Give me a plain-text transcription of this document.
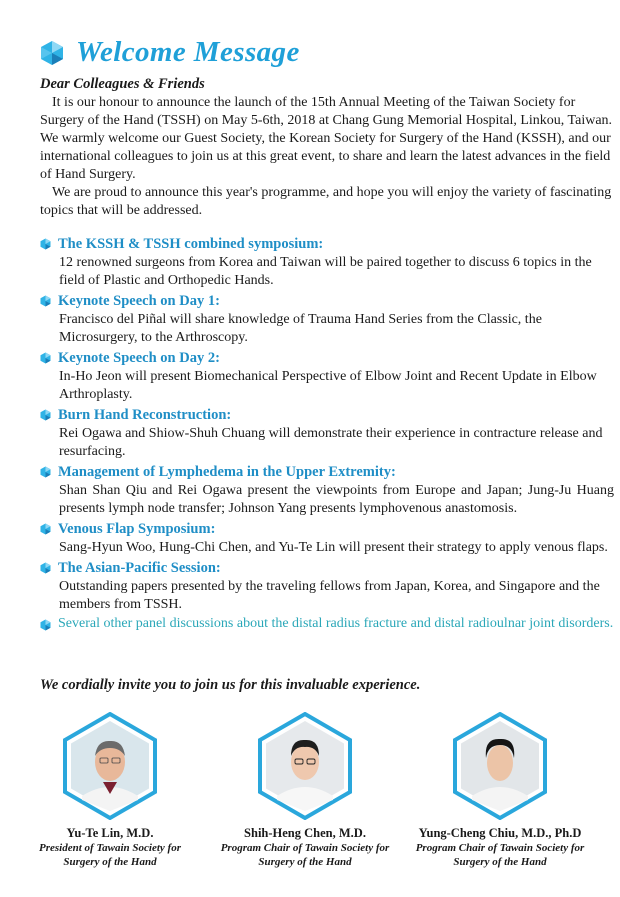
Welcome Message
Dear Colleagues & Friends

It is our honour to announce the launch of the 15th Annual Meeting of the Taiwan Society for Surgery of the Hand (TSSH) on May 5-6th, 2018 at Chang Gung Memorial Hospital, Linkou, Taiwan. We warmly welcome our Guest Society, the Korean Society for Surgery of the Hand (KSSH), and our international colleagues to join us at this great event, to share and learn the latest advances in the field of Hand Surgery.

We are proud to announce this year's programme, and hope you will enjoy the variety of fascinating topics that will be addressed.

The KSSH & TSSH combined symposium:
12 renowned surgeons from Korea and Taiwan will be paired together to discuss 6 topics in the field of Plastic and Orthopedic Hands.
Keynote Speech on Day 1:
Francisco del Piñal will share knowledge of Trauma Hand Series from the Classic, the Microsurgery, to the Arthroscopy.
Keynote Speech on Day 2:
In-Ho Jeon will present Biomechanical Perspective of Elbow Joint and Recent Update in Elbow Arthroplasty.
Burn Hand Reconstruction:
Rei Ogawa and Shiow-Shuh Chuang will demonstrate their experience in contracture release and resurfacing.
Management of Lymphedema in the Upper Extremity:
Shan Shan Qiu and Rei Ogawa present the viewpoints from Europe and Japan; Jung-Ju Huang presents lymph node transfer; Johnson Yang presents lymphovenous anastomosis.
Venous Flap Symposium:
Sang-Hyun Woo, Hung-Chi Chen, and Yu-Te Lin will present their strategy to apply venous flaps.
The Asian-Pacific Session:
Outstanding papers presented by the traveling fellows from Japan, Korea, and Singapore and the members from TSSH.
Several other panel discussions about the distal radius fracture and distal radioulnar joint disorders.
We cordially invite you to join us for this invaluable experience.
Yu-Te Lin, M.D.
President of Tawain Society for
Surgery of the Hand
Shih-Heng Chen, M.D.
Program Chair of Tawain Society for
Surgery of the Hand
Yung-Cheng Chiu, M.D., Ph.D
Program Chair of Tawain Society for
Surgery of the Hand
